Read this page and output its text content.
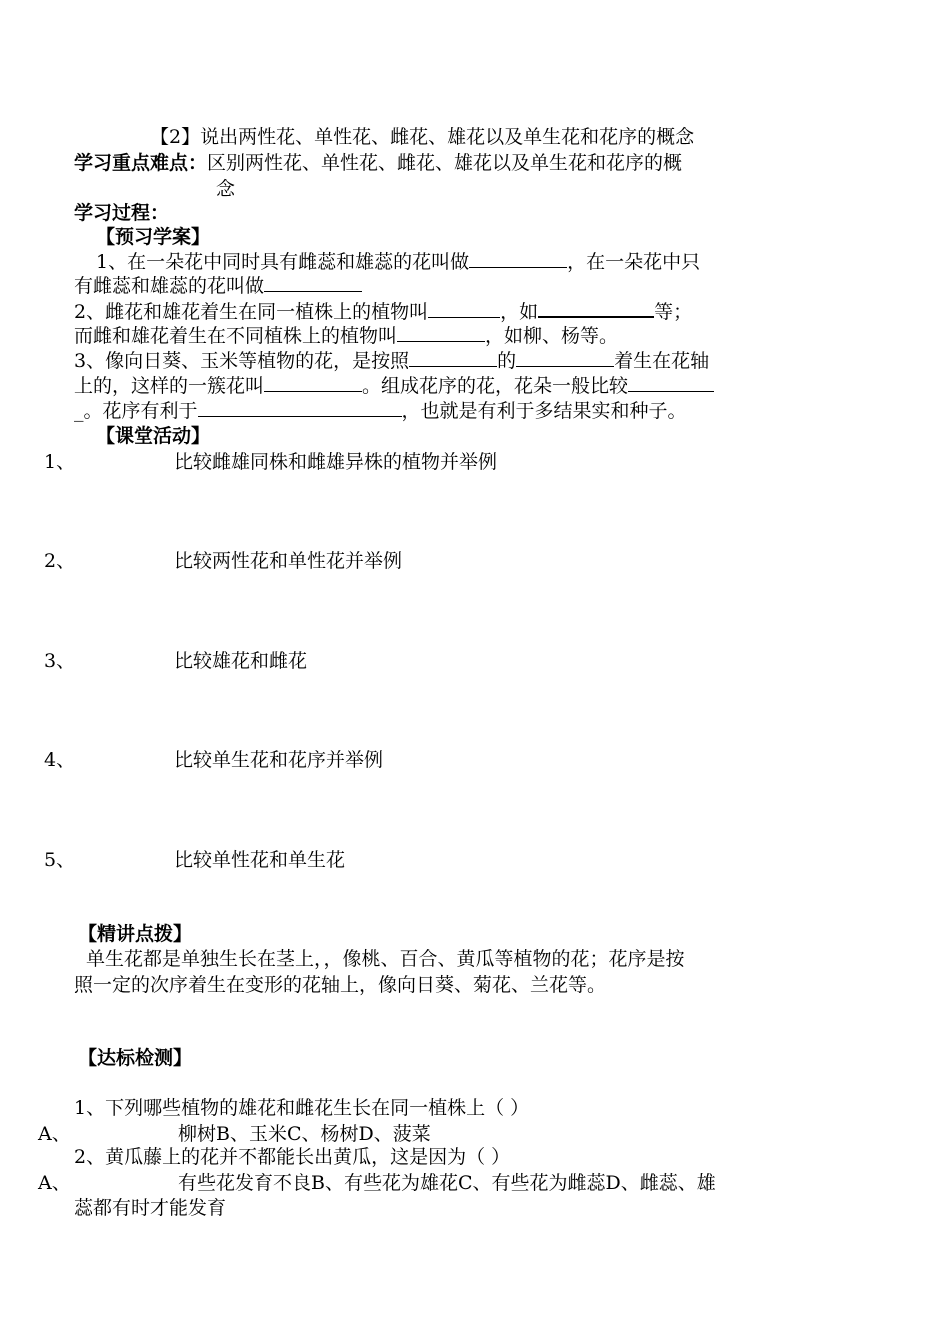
【2】说出两性花、单性花、雌花、雄花以及单生花和花序的概念
学习重点难点：区别两性花、单性花、雌花、雄花以及单生花和花序的概
念
学习过程：
【预习学案】
1、在一朵花中同时具有雌蕊和雄蕊的花叫做	，在一朵花中只
有雌蕊和雄蕊的花叫做
2、雌花和雄花着生在同一植株上的植物叫	，如	等；
而雌和雄花着生在不同植株上的植物叫	，如柳、杨等。
3、像向日葵、玉米等植物的花，是按照	的	着生在花轴
上的，这样的一簇花叫	。组成花序的花，花朵一般比较
_。花序有利于	，也就是有利于多结果实和种子。
【课堂活动】
1、	比较雌雄同株和雌雄异株的植物并举例
2、	比较两性花和单性花并举例
3、	比较雄花和雌花
4、	比较单生花和花序并举例
5、	比较单性花和单生花
【精讲点拨】
单生花都是单独生长在茎上，，像桃、百合、黄瓜等植物的花；花序是按
照一定的次序着生在变形的花轴上，像向日葵、菊花、兰花等。
【达标检测】
1、下列哪些植物的雄花和雌花生长在同一植株上（ ）
A、	柳树B、玉米C、杨树D、菠菜
2、黄瓜藤上的花并不都能长出黄瓜，这是因为（ ）
A、	有些花发育不良B、有些花为雄花C、有些花为雌蕊D、雌蕊、雄
蕊都有时才能发育
